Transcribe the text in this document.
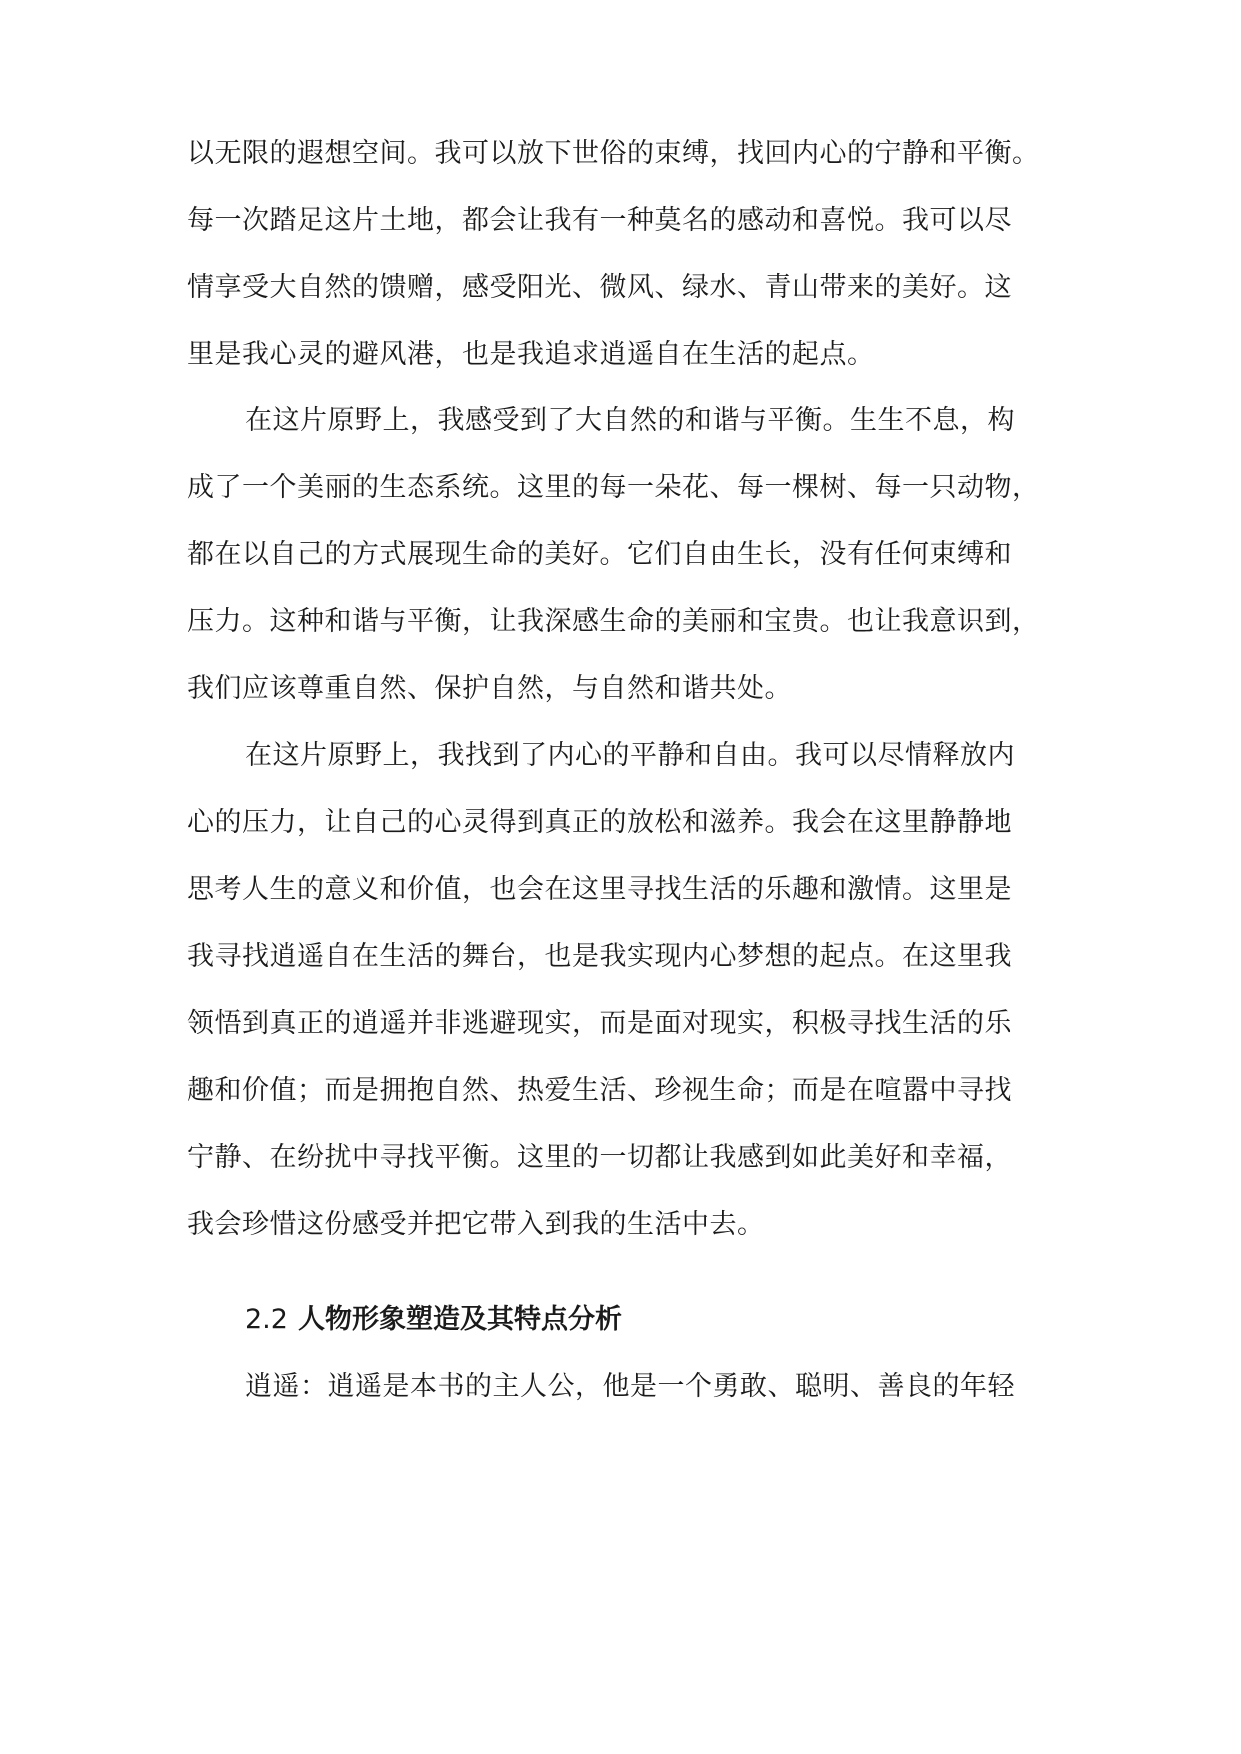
以无限的遐想空间。我可以放下世俗的束缚，找回内心的宁静和平衡。
每一次踏足这片土地，都会让我有一种莫名的感动和喜悦。我可以尽
情享受大自然的馈赠，感受阳光、微风、绿水、青山带来的美好。这
里是我心灵的避风港，也是我追求逍遥自在生活的起点。
在这片原野上，我感受到了大自然的和谐与平衡。生生不息，构
成了一个美丽的生态系统。这里的每一朵花、每一棵树、每一只动物，
都在以自己的方式展现生命的美好。它们自由生长，没有任何束缚和
压力。这种和谐与平衡，让我深感生命的美丽和宝贵。也让我意识到，
我们应该尊重自然、保护自然，与自然和谐共处。
在这片原野上，我找到了内心的平静和自由。我可以尽情释放内
心的压力，让自己的心灵得到真正的放松和滋养。我会在这里静静地
思考人生的意义和价值，也会在这里寻找生活的乐趣和激情。这里是
我寻找逍遥自在生活的舞台，也是我实现内心梦想的起点。在这里我
领悟到真正的逍遥并非逃避现实，而是面对现实，积极寻找生活的乐
趣和价值；而是拥抱自然、热爱生活、珍视生命；而是在喧嚣中寻找
宁静、在纷扰中寻找平衡。这里的一切都让我感到如此美好和幸福，
我会珍惜这份感受并把它带入到我的生活中去。
2.2 人物形象塑造及其特点分析
逍遥：逍遥是本书的主人公，他是一个勇敢、聪明、善良的年轻
